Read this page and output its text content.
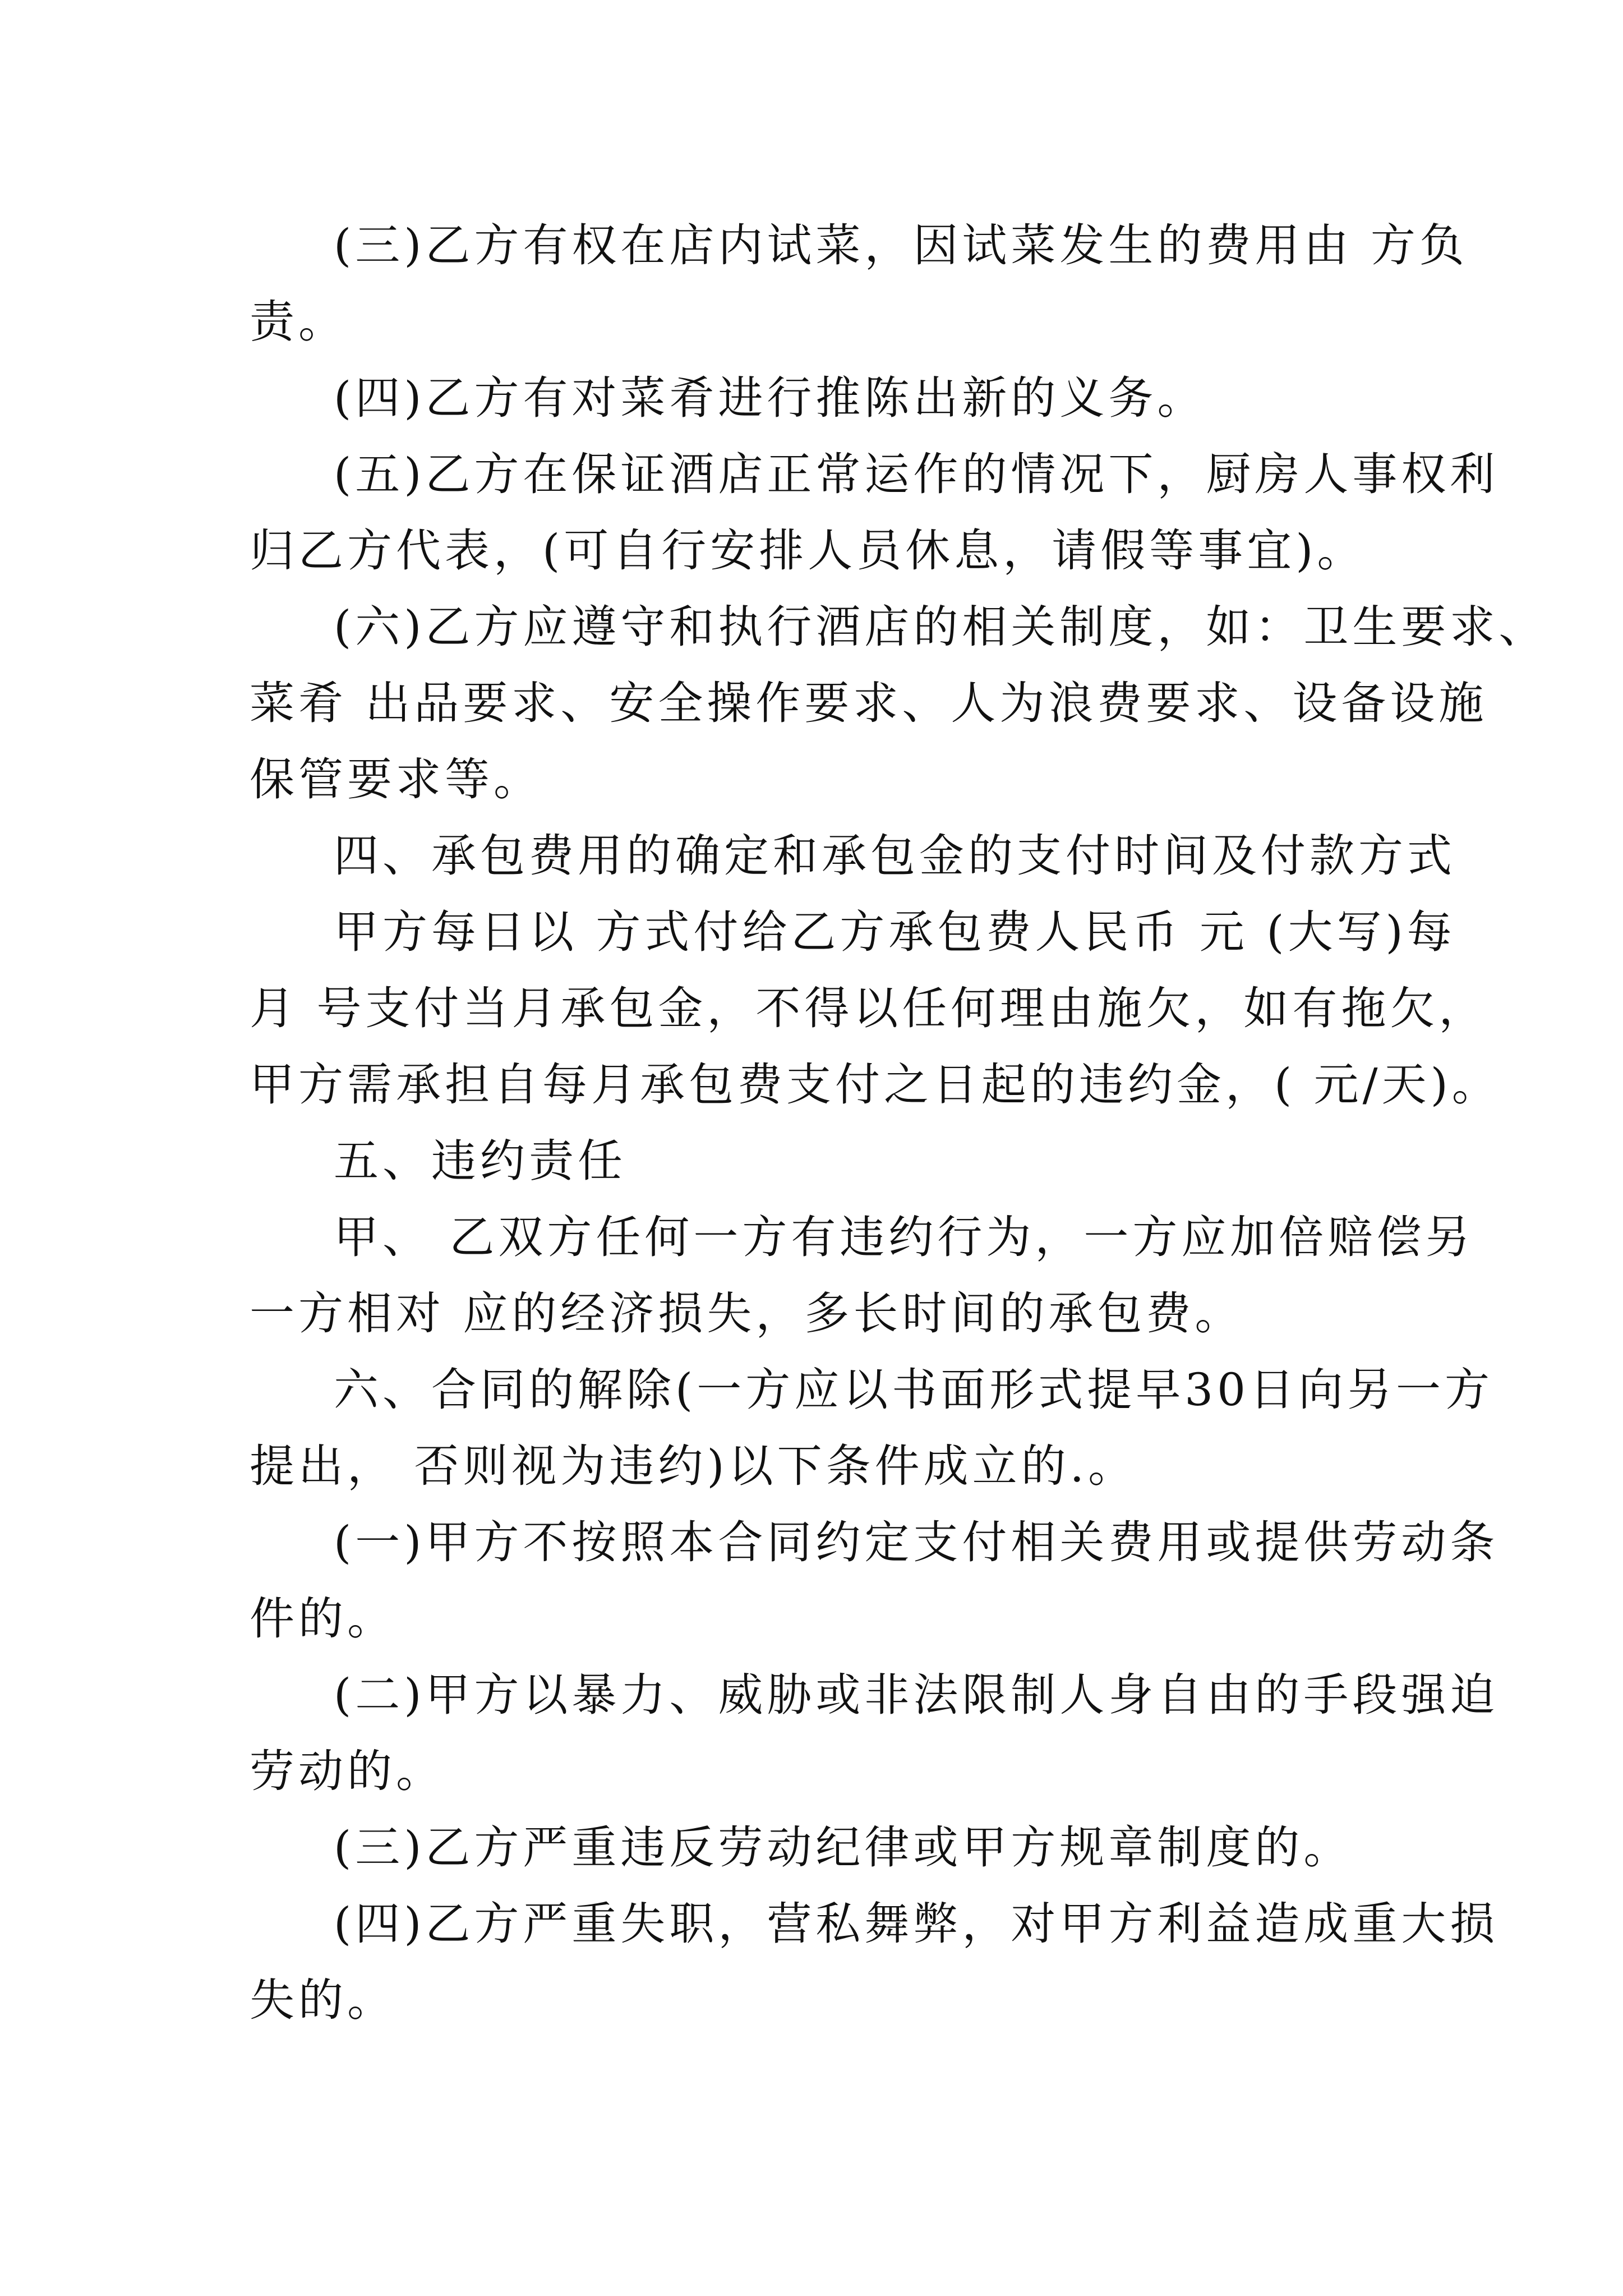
(三)乙方有权在店内试菜，因试菜发生的费用由 方负
责。
(四)乙方有对菜肴进行推陈出新的义务。
(五)乙方在保证酒店正常运作的情况下，厨房人事权利
归乙方代表，(可自行安排人员休息，请假等事宜)。
(六)乙方应遵守和执行酒店的相关制度，如：卫生要求、
菜肴 出品要求、安全操作要求、人为浪费要求、设备设施
保管要求等。
四、承包费用的确定和承包金的支付时间及付款方式
甲方每日以 方式付给乙方承包费人民币 元 (大写)每
月 号支付当月承包金，不得以任何理由施欠，如有拖欠，
甲方需承担自每月承包费支付之日起的违约金，( 元/天)。
五、违约责任
甲、 乙双方任何一方有违约行为，一方应加倍赔偿另
一方相对 应的经济损失，多长时间的承包费。
六、合同的解除(一方应以书面形式提早30日向另一方
提出， 否则视为违约)以下条件成立的.。
(一)甲方不按照本合同约定支付相关费用或提供劳动条
件的。
(二)甲方以暴力、威胁或非法限制人身自由的手段强迫
劳动的。
(三)乙方严重违反劳动纪律或甲方规章制度的。
(四)乙方严重失职，营私舞弊，对甲方利益造成重大损
失的。
